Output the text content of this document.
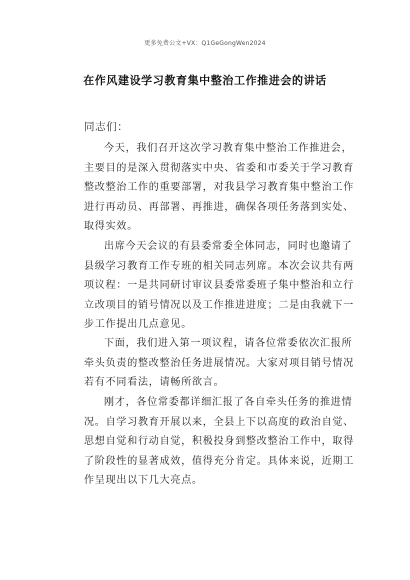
更多免费公文+VX：Q1GeGongWen2024
在作风建设学习教育集中整治工作推进会的讲话
同志们：
今天，我们召开这次学习教育集中整治工作推进会，
主要目的是深入贯彻落实中央、省委和市委关于学习教育
整改整治工作的重要部署，对我县学习教育集中整治工作
进行再动员、再部署、再推进，确保各项任务落到实处、
取得实效。
出席今天会议的有县委常委全体同志，同时也邀请了
县级学习教育工作专班的相关同志列席。本次会议共有两
项议程：一是共同研讨审议县委常委班子集中整治和立行
立改项目的销号情况以及工作推进进度；二是由我就下一
步工作提出几点意见。
下面，我们进入第一项议程，请各位常委依次汇报所
牵头负责的整改整治任务进展情况。大家对项目销号情况
若有不同看法，请畅所欲言。
刚才，各位常委都详细汇报了各自牵头任务的推进情
况。自学习教育开展以来，全县上下以高度的政治自觉、
思想自觉和行动自觉，积极投身到整改整治工作中，取得
了阶段性的显著成效，值得充分肯定。具体来说，近期工
作呈现出以下几大亮点。
